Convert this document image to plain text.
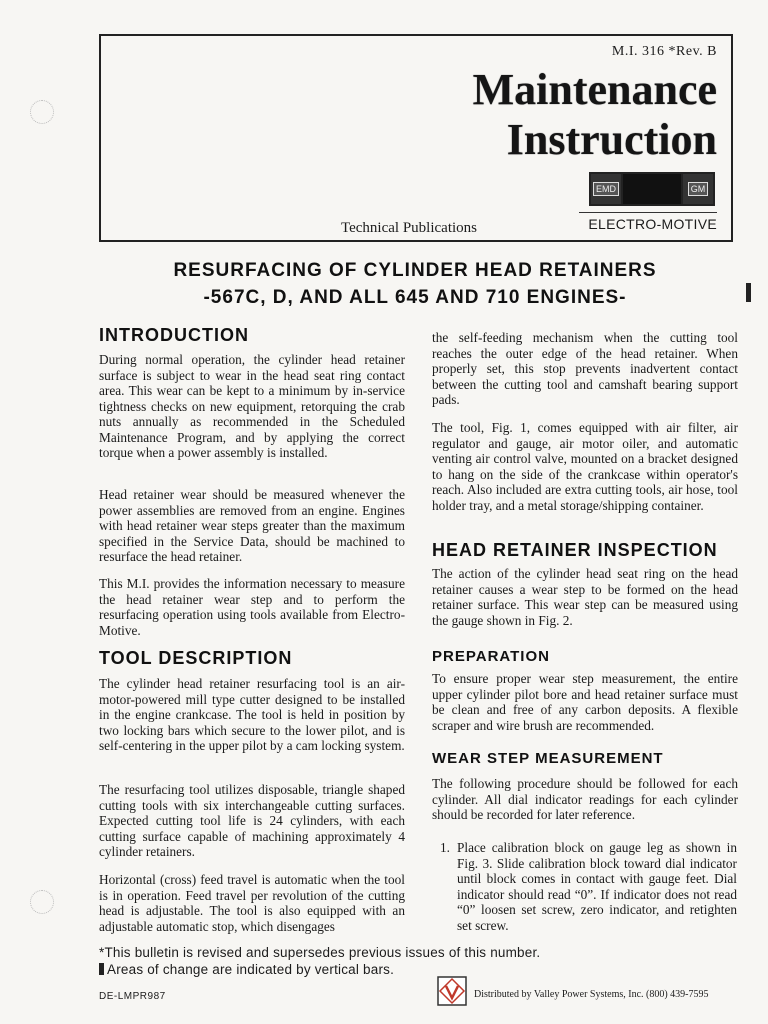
M.I. 316 *Rev. B
Maintenance
Instruction
EMD	GM
Technical Publications	ELECTRO-MOTIVE
RESURFACING OF CYLINDER HEAD RETAINERS
-567C, D, AND ALL 645 AND 710 ENGINES-
INTRODUCTION

During normal operation, the cylinder head retainer surface is subject to wear in the head seat ring contact area. This wear can be kept to a minimum by in-service tightness checks on new equipment, retorquing the crab nuts annually as recommended in the Scheduled Maintenance Program, and by applying the correct torque when a power assembly is installed.

Head retainer wear should be measured whenever the power assemblies are removed from an engine. Engines with head retainer wear steps greater than the maximum specified in the Service Data, should be machined to resurface the head retainer.

This M.I. provides the information necessary to measure the head retainer wear step and to perform the resurfacing operation using tools available from Electro-Motive.

TOOL DESCRIPTION

The cylinder head retainer resurfacing tool is an air-motor-powered mill type cutter designed to be installed in the engine crankcase. The tool is held in position by two locking bars which secure to the lower pilot, and is self-centering in the upper pilot by a cam locking system.

The resurfacing tool utilizes disposable, triangle shaped cutting tools with six interchangeable cutting surfaces. Expected cutting tool life is 24 cylinders, with each cutting surface capable of machining approximately 4 cylinder retainers.

Horizontal (cross) feed travel is automatic when the tool is in operation. Feed travel per revolution of the cutting head is adjustable. The tool is also equipped with an adjustable automatic stop, which disengages

the self-feeding mechanism when the cutting tool reaches the outer edge of the head retainer. When properly set, this stop prevents inadvertent contact between the cutting tool and camshaft bearing support pads.

The tool, Fig. 1, comes equipped with air filter, air regulator and gauge, air motor oiler, and automatic venting air control valve, mounted on a bracket designed to hang on the side of the crankcase within operator's reach. Also included are extra cutting tools, air hose, tool holder tray, and a metal storage/shipping container.

HEAD RETAINER INSPECTION

The action of the cylinder head seat ring on the head retainer causes a wear step to be formed on the head retainer surface. This wear step can be measured using the gauge shown in Fig. 2.

PREPARATION

To ensure proper wear step measurement, the entire upper cylinder pilot bore and head retainer surface must be clean and free of any carbon deposits. A flexible scraper and wire brush are recommended.

WEAR STEP MEASUREMENT

The following procedure should be followed for each cylinder. All dial indicator readings for each cylinder should be recorded for later reference.

1. Place calibration block on gauge leg as shown in Fig. 3. Slide calibration block toward dial indicator until block comes in contact with gauge feet. Dial indicator should read “0”. If indicator does not read “0” loosen set screw, zero indicator, and retighten set screw.

*This bulletin is revised and supersedes previous issues of this number.
Areas of change are indicated by vertical bars.
DE-LMPR987	Distributed by Valley Power Systems, Inc. (800) 439-7595
